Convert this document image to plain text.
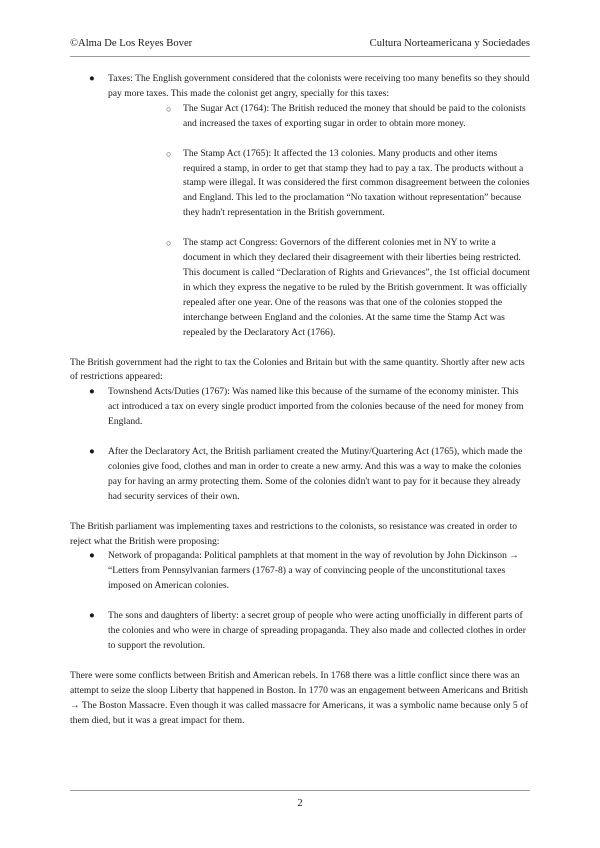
©Alma De Los Reyes Bover	Cultura Norteamericana y Sociedades
● Taxes: The English government considered that the colonists were receiving too many benefits so they should pay more taxes. This made the colonist get angry, specially for this taxes:

○ The Sugar Act (1764): The British reduced the money that should be paid to the colonists and increased the taxes of exporting sugar in order to obtain more money.

○ The Stamp Act (1765): It affected the 13 colonies. Many products and other items required a stamp, in order to get that stamp they had to pay a tax. The products without a stamp were illegal. It was considered the first common disagreement between the colonies and England. This led to the proclamation “No taxation without representation” because they hadn't representation in the British government.

○ The stamp act Congress: Governors of the different colonies met in NY to write a document in which they declared their disagreement with their liberties being restricted. This document is called “Declaration of Rights and Grievances”, the 1st official document in which they express the negative to be ruled by the British government. It was officially repealed after one year. One of the reasons was that one of the colonies stopped the interchange between England and the colonies. At the same time the Stamp Act was repealed by the Declaratory Act (1766).

The British government had the right to tax the Colonies and Britain but with the same quantity. Shortly after new acts of restrictions appeared:

● Townshend Acts/Duties (1767): Was named like this because of the surname of the economy minister. This act introduced a tax on every single product imported from the colonies because of the need for money from England.

● After the Declaratory Act, the British parliament created the Mutiny/Quartering Act (1765), which made the colonies give food, clothes and man in order to create a new army. And this was a way to make the colonies pay for having an army protecting them. Some of the colonies didn't want to pay for it because they already had security services of their own.

The British parliament was implementing taxes and restrictions to the colonists, so resistance was created in order to reject what the British were proposing:

● Network of propaganda: Political pamphlets at that moment in the way of revolution by John Dickinson → “Letters from Pennsylvanian farmers (1767-8) a way of convincing people of the unconstitutional taxes imposed on American colonies.

● The sons and daughters of liberty: a secret group of people who were acting unofficially in different parts of the colonies and who were in charge of spreading propaganda. They also made and collected clothes in order to support the revolution.

There were some conflicts between British and American rebels. In 1768 there was a little conflict since there was an attempt to seize the sloop Liberty that happened in Boston. In 1770 was an engagement between Americans and British → The Boston Massacre. Even though it was called massacre for Americans, it was a symbolic name because only 5 of them died, but it was a great impact for them.

2
